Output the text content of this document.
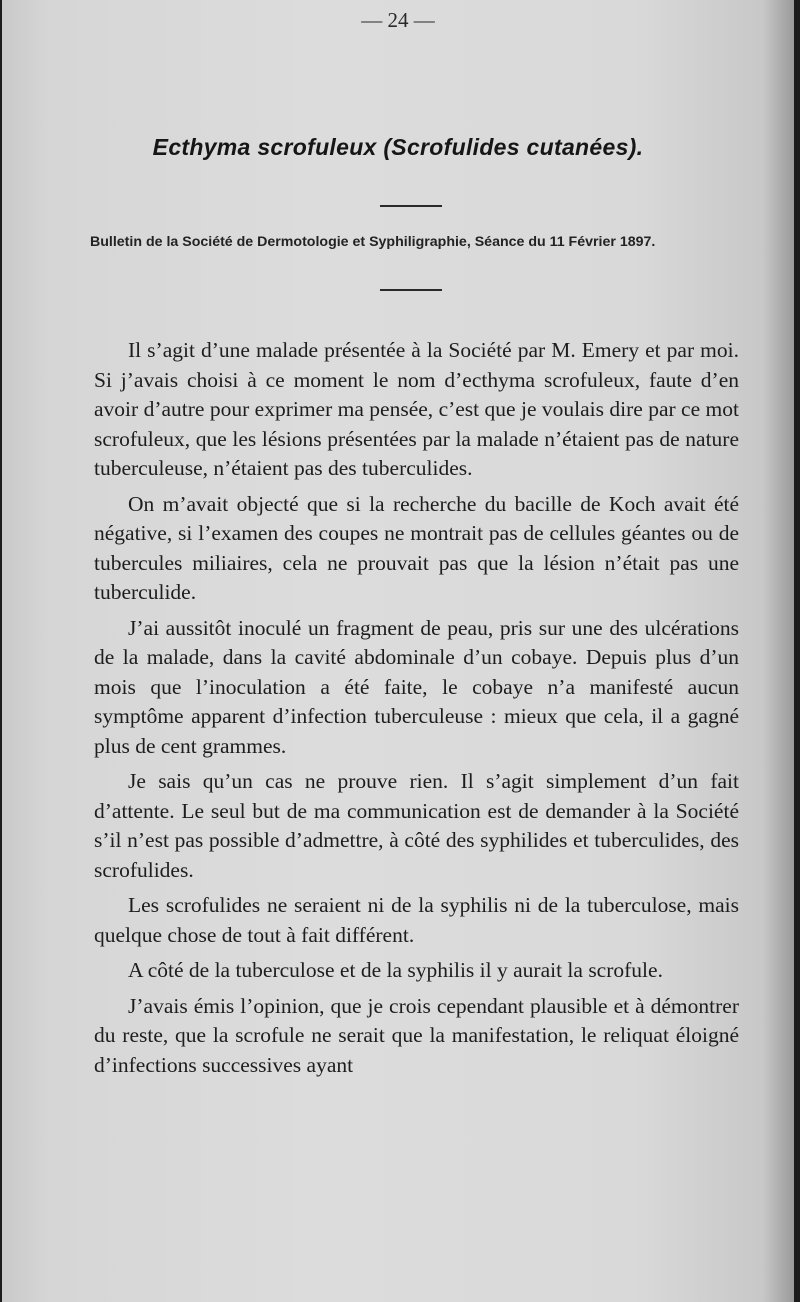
— 24 —
Ecthyma scrofuleux (Scrofulides cutanées).
Bulletin de la Société de Dermotologie et Syphiligraphie, Séance du 11 Février 1897.

Il s’agit d’une malade présentée à la Société par M. Emery et par moi. Si j’avais choisi à ce moment le nom d’ecthyma scrofuleux, faute d’en avoir d’autre pour exprimer ma pensée, c’est que je voulais dire par ce mot scrofuleux, que les lésions présentées par la malade n’étaient pas de nature tuberculeuse, n’étaient pas des tuberculides.

On m’avait objecté que si la recherche du bacille de Koch avait été négative, si l’examen des coupes ne montrait pas de cellules géantes ou de tubercules miliaires, cela ne prouvait pas que la lésion n’était pas une tuberculide.

J’ai aussitôt inoculé un fragment de peau, pris sur une des ulcérations de la malade, dans la cavité abdominale d’un cobaye. Depuis plus d’un mois que l’inoculation a été faite, le cobaye n’a manifesté aucun symptôme apparent d’infection tuberculeuse : mieux que cela, il a gagné plus de cent grammes.

Je sais qu’un cas ne prouve rien. Il s’agit simplement d’un fait d’attente. Le seul but de ma communication est de demander à la Société s’il n’est pas possible d’admettre, à côté des syphilides et tuberculides, des scrofulides.

Les scrofulides ne seraient ni de la syphilis ni de la tuberculose, mais quelque chose de tout à fait différent.

A côté de la tuberculose et de la syphilis il y aurait la scrofule.

J’avais émis l’opinion, que je crois cependant plausible et à démontrer du reste, que la scrofule ne serait que la manifestation, le reliquat éloigné d’infections successives ayant
